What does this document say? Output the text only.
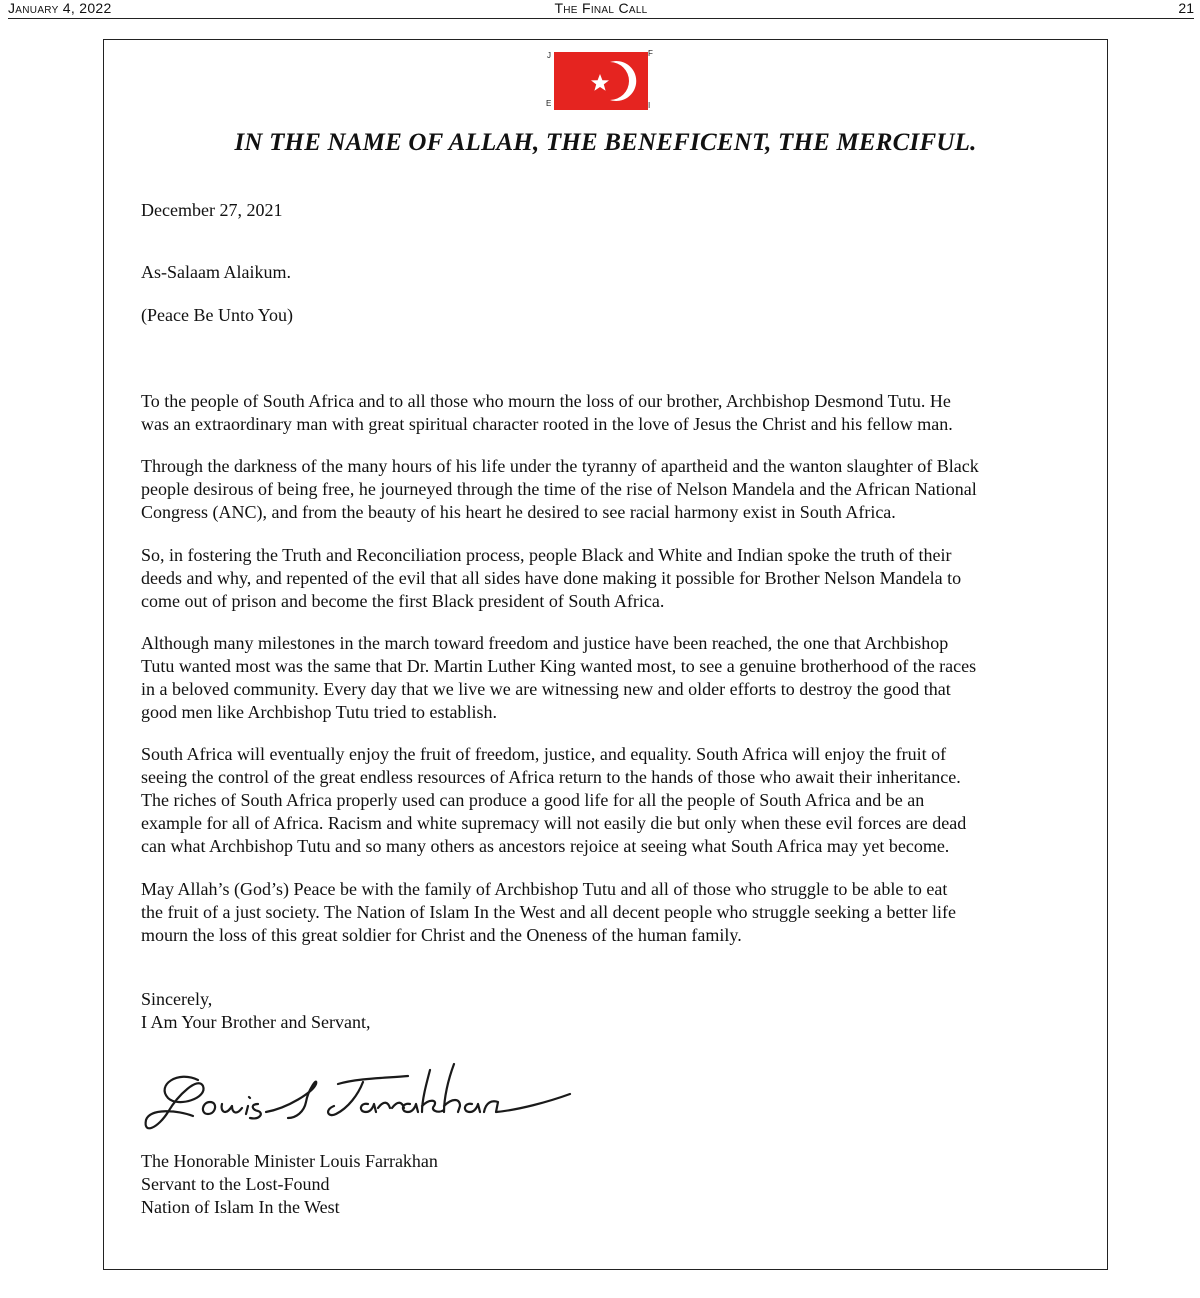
January 4, 2022	The Final Call	21
J	F
E	I
IN THE NAME OF ALLAH, THE BENEFICENT, THE MERCIFUL.
December 27, 2021
As-Salaam Alaikum.
(Peace Be Unto You)

To the people of South Africa and to all those who mourn the loss of our brother, Archbishop Desmond Tutu. He
was an extraordinary man with great spiritual character rooted in the love of Jesus the Christ and his fellow man.

Through the darkness of the many hours of his life under the tyranny of apartheid and the wanton slaughter of Black
people desirous of being free, he journeyed through the time of the rise of Nelson Mandela and the African National
Congress (ANC), and from the beauty of his heart he desired to see racial harmony exist in South Africa.

So, in fostering the Truth and Reconciliation process, people Black and White and Indian spoke the truth of their
deeds and why, and repented of the evil that all sides have done making it possible for Brother Nelson Mandela to
come out of prison and become the first Black president of South Africa.

Although many milestones in the march toward freedom and justice have been reached, the one that Archbishop
Tutu wanted most was the same that Dr. Martin Luther King wanted most, to see a genuine brotherhood of the races
in a beloved community. Every day that we live we are witnessing new and older efforts to destroy the good that
good men like Archbishop Tutu tried to establish.

South Africa will eventually enjoy the fruit of freedom, justice, and equality. South Africa will enjoy the fruit of
seeing the control of the great endless resources of Africa return to the hands of those who await their inheritance.
The riches of South Africa properly used can produce a good life for all the people of South Africa and be an
example for all of Africa. Racism and white supremacy will not easily die but only when these evil forces are dead
can what Archbishop Tutu and so many others as ancestors rejoice at seeing what South Africa may yet become.

May Allah’s (God’s) Peace be with the family of Archbishop Tutu and all of those who struggle to be able to eat
the fruit of a just society. The Nation of Islam In the West and all decent people who struggle seeking a better life
mourn the loss of this great soldier for Christ and the Oneness of the human family.

Sincerely,
I Am Your Brother and Servant,
The Honorable Minister Louis Farrakhan
Servant to the Lost-Found
Nation of Islam In the West
